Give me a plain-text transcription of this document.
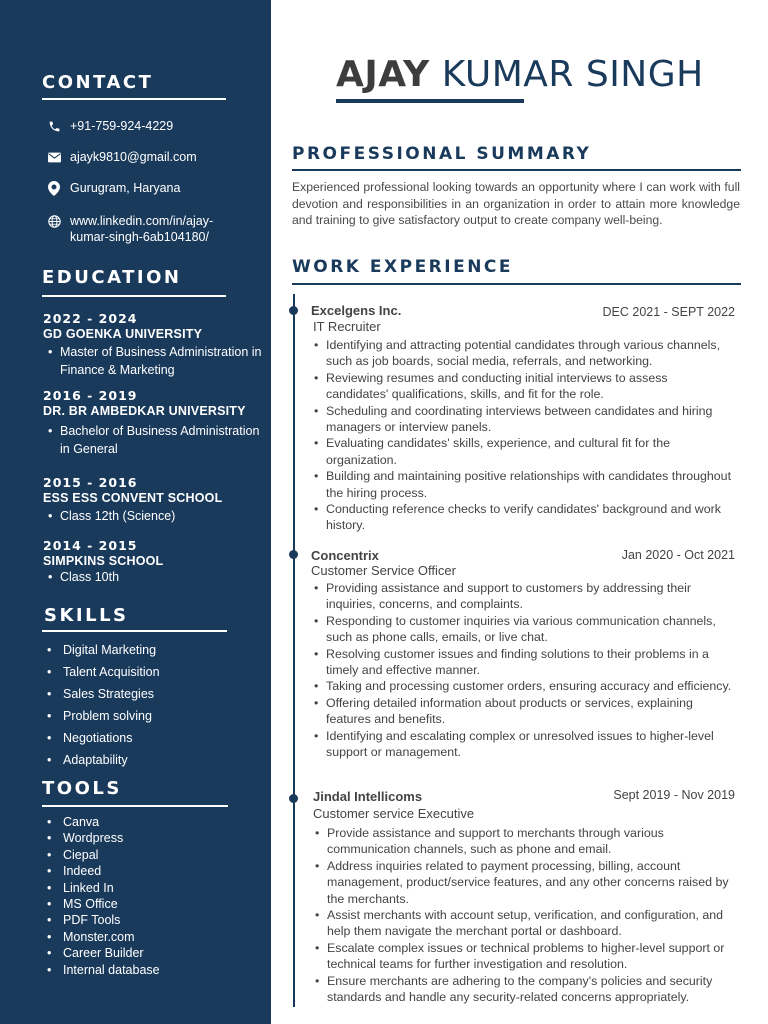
CONTACT
+91-759-924-4229
ajayk9810@gmail.com
Gurugram, Haryana
www.linkedin.com/in/ajay-kumar-singh-6ab104180/
EDUCATION
2022 - 2024
GD GOENKA UNIVERSITY
• Master of Business Administration in Finance & Marketing
2016 - 2019
DR. BR AMBEDKAR UNIVERSITY
• Bachelor of Business Administration in General
2015 - 2016
ESS ESS CONVENT SCHOOL
• Class 12th (Science)
2014 - 2015
SIMPKINS SCHOOL
• Class 10th
SKILLS
• Digital Marketing
• Talent Acquisition
• Sales Strategies
• Problem solving
• Negotiations
• Adaptability
TOOLS
• Canva
• Wordpress
• Ciepal
• Indeed
• Linked In
• MS Office
• PDF Tools
• Monster.com
• Career Builder
• Internal database
AJAY KUMAR SINGH
PROFESSIONAL SUMMARY
Experienced professional looking towards an opportunity where I can work with full devotion and responsibilities in an organization in order to attain more knowledge and training to give satisfactory output to create company well-being.
WORK EXPERIENCE
Excelgens Inc.	DEC 2021 - SEPT 2022
IT Recruiter
• Identifying and attracting potential candidates through various channels, such as job boards, social media, referrals, and networking.
• Reviewing resumes and conducting initial interviews to assess candidates' qualifications, skills, and fit for the role.
• Scheduling and coordinating interviews between candidates and hiring managers or interview panels.
• Evaluating candidates' skills, experience, and cultural fit for the organization.
• Building and maintaining positive relationships with candidates throughout the hiring process.
• Conducting reference checks to verify candidates' background and work history.
Concentrix	Jan 2020 - Oct 2021
Customer Service Officer
• Providing assistance and support to customers by addressing their inquiries, concerns, and complaints.
• Responding to customer inquiries via various communication channels, such as phone calls, emails, or live chat.
• Resolving customer issues and finding solutions to their problems in a timely and effective manner.
• Taking and processing customer orders, ensuring accuracy and efficiency.
• Offering detailed information about products or services, explaining features and benefits.
• Identifying and escalating complex or unresolved issues to higher-level support or management.
Jindal Intellicoms	Sept 2019 - Nov 2019
Customer service Executive
• Provide assistance and support to merchants through various communication channels, such as phone and email.
• Address inquiries related to payment processing, billing, account management, product/service features, and any other concerns raised by the merchants.
• Assist merchants with account setup, verification, and configuration, and help them navigate the merchant portal or dashboard.
• Escalate complex issues or technical problems to higher-level support or technical teams for further investigation and resolution.
• Ensure merchants are adhering to the company's policies and security standards and handle any security-related concerns appropriately.
